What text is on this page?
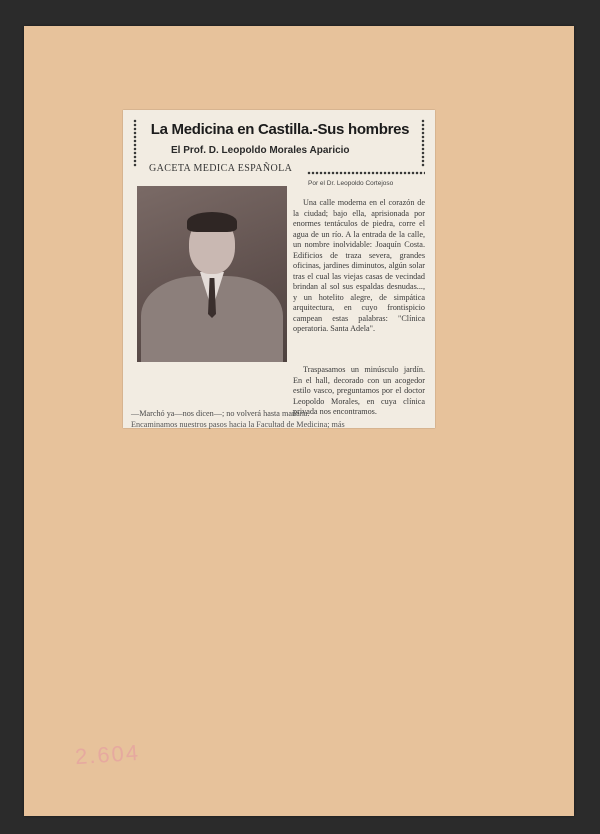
La Medicina en Castilla.-Sus hombres
El Prof. D. Leopoldo Morales Aparicio
GACETA MEDICA ESPAÑOLA
Por el Dr. Leopoldo Cortejoso

Una calle moderna en el corazón de la ciudad; bajo ella, aprisionada por enormes tentáculos de piedra, corre el agua de un río. A la entrada de la calle, un nombre inolvidable: Joaquín Costa. Edificios de traza severa, grandes oficinas, jardines diminutos, algún solar tras el cual las viejas casas de vecindad brindan al sol sus espaldas desnudas..., y un hotelito alegre, de simpática arquitectura, en cuyo frontispicio campean estas palabras: "Clínica operatoria. Santa Adela".

Traspasamos un minúsculo jardín. En el hall, decorado con un acogedor estilo vasco, preguntamos por el doctor Leopoldo Morales, en cuya clínica privada nos encontramos.

—Marchó ya—nos dicen—; no volverá hasta mañana.
Encaminamos nuestros pasos hacia la Facultad de Medicina; más
2.604
